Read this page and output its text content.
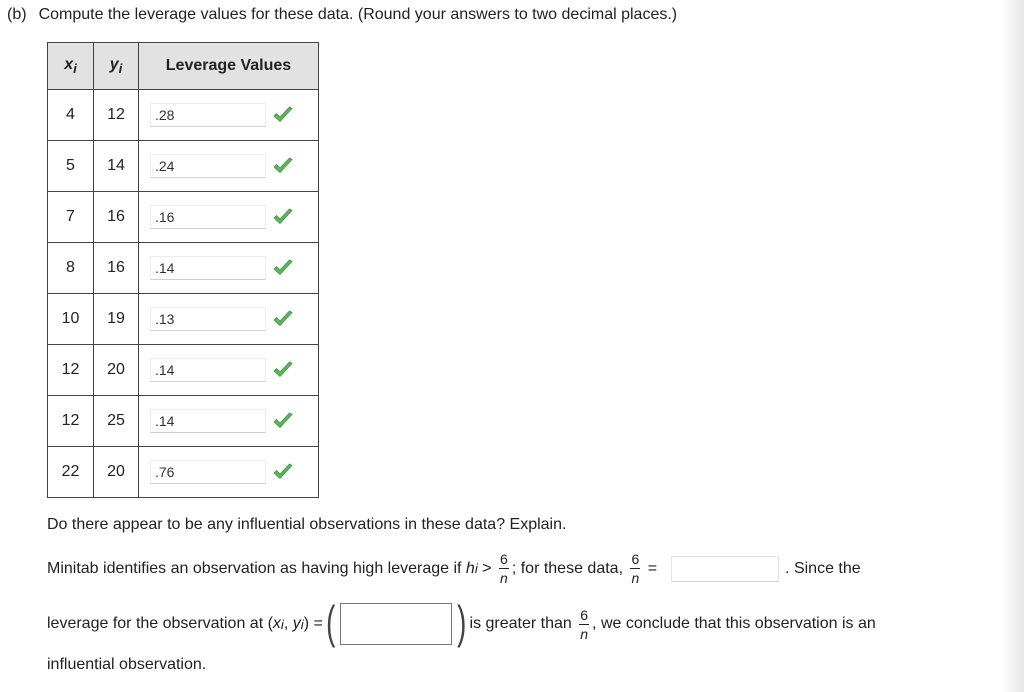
(b) Compute the leverage values for these data. (Round your answers to two decimal places.)
$x_i$	$y_i$	Leverage Values
4	12	
.28

5	14	
.24

7	16	
.16

8	16	
.14

10	19	
.13

12	20	
.14

12	25	
.14

22	20	
.76
Do there appear to be any influential observations in these data? Explain.
Minitab identifies an observation as having high leverage if h $i > \frac{6}{n}$ ; for these data, $\frac{6}{n}$ =	. Since the
leverage for the observation at ( x i , y i ) = (	) is greater than $\frac{6}{n}$ , we conclude that this observation is an
influential observation.
